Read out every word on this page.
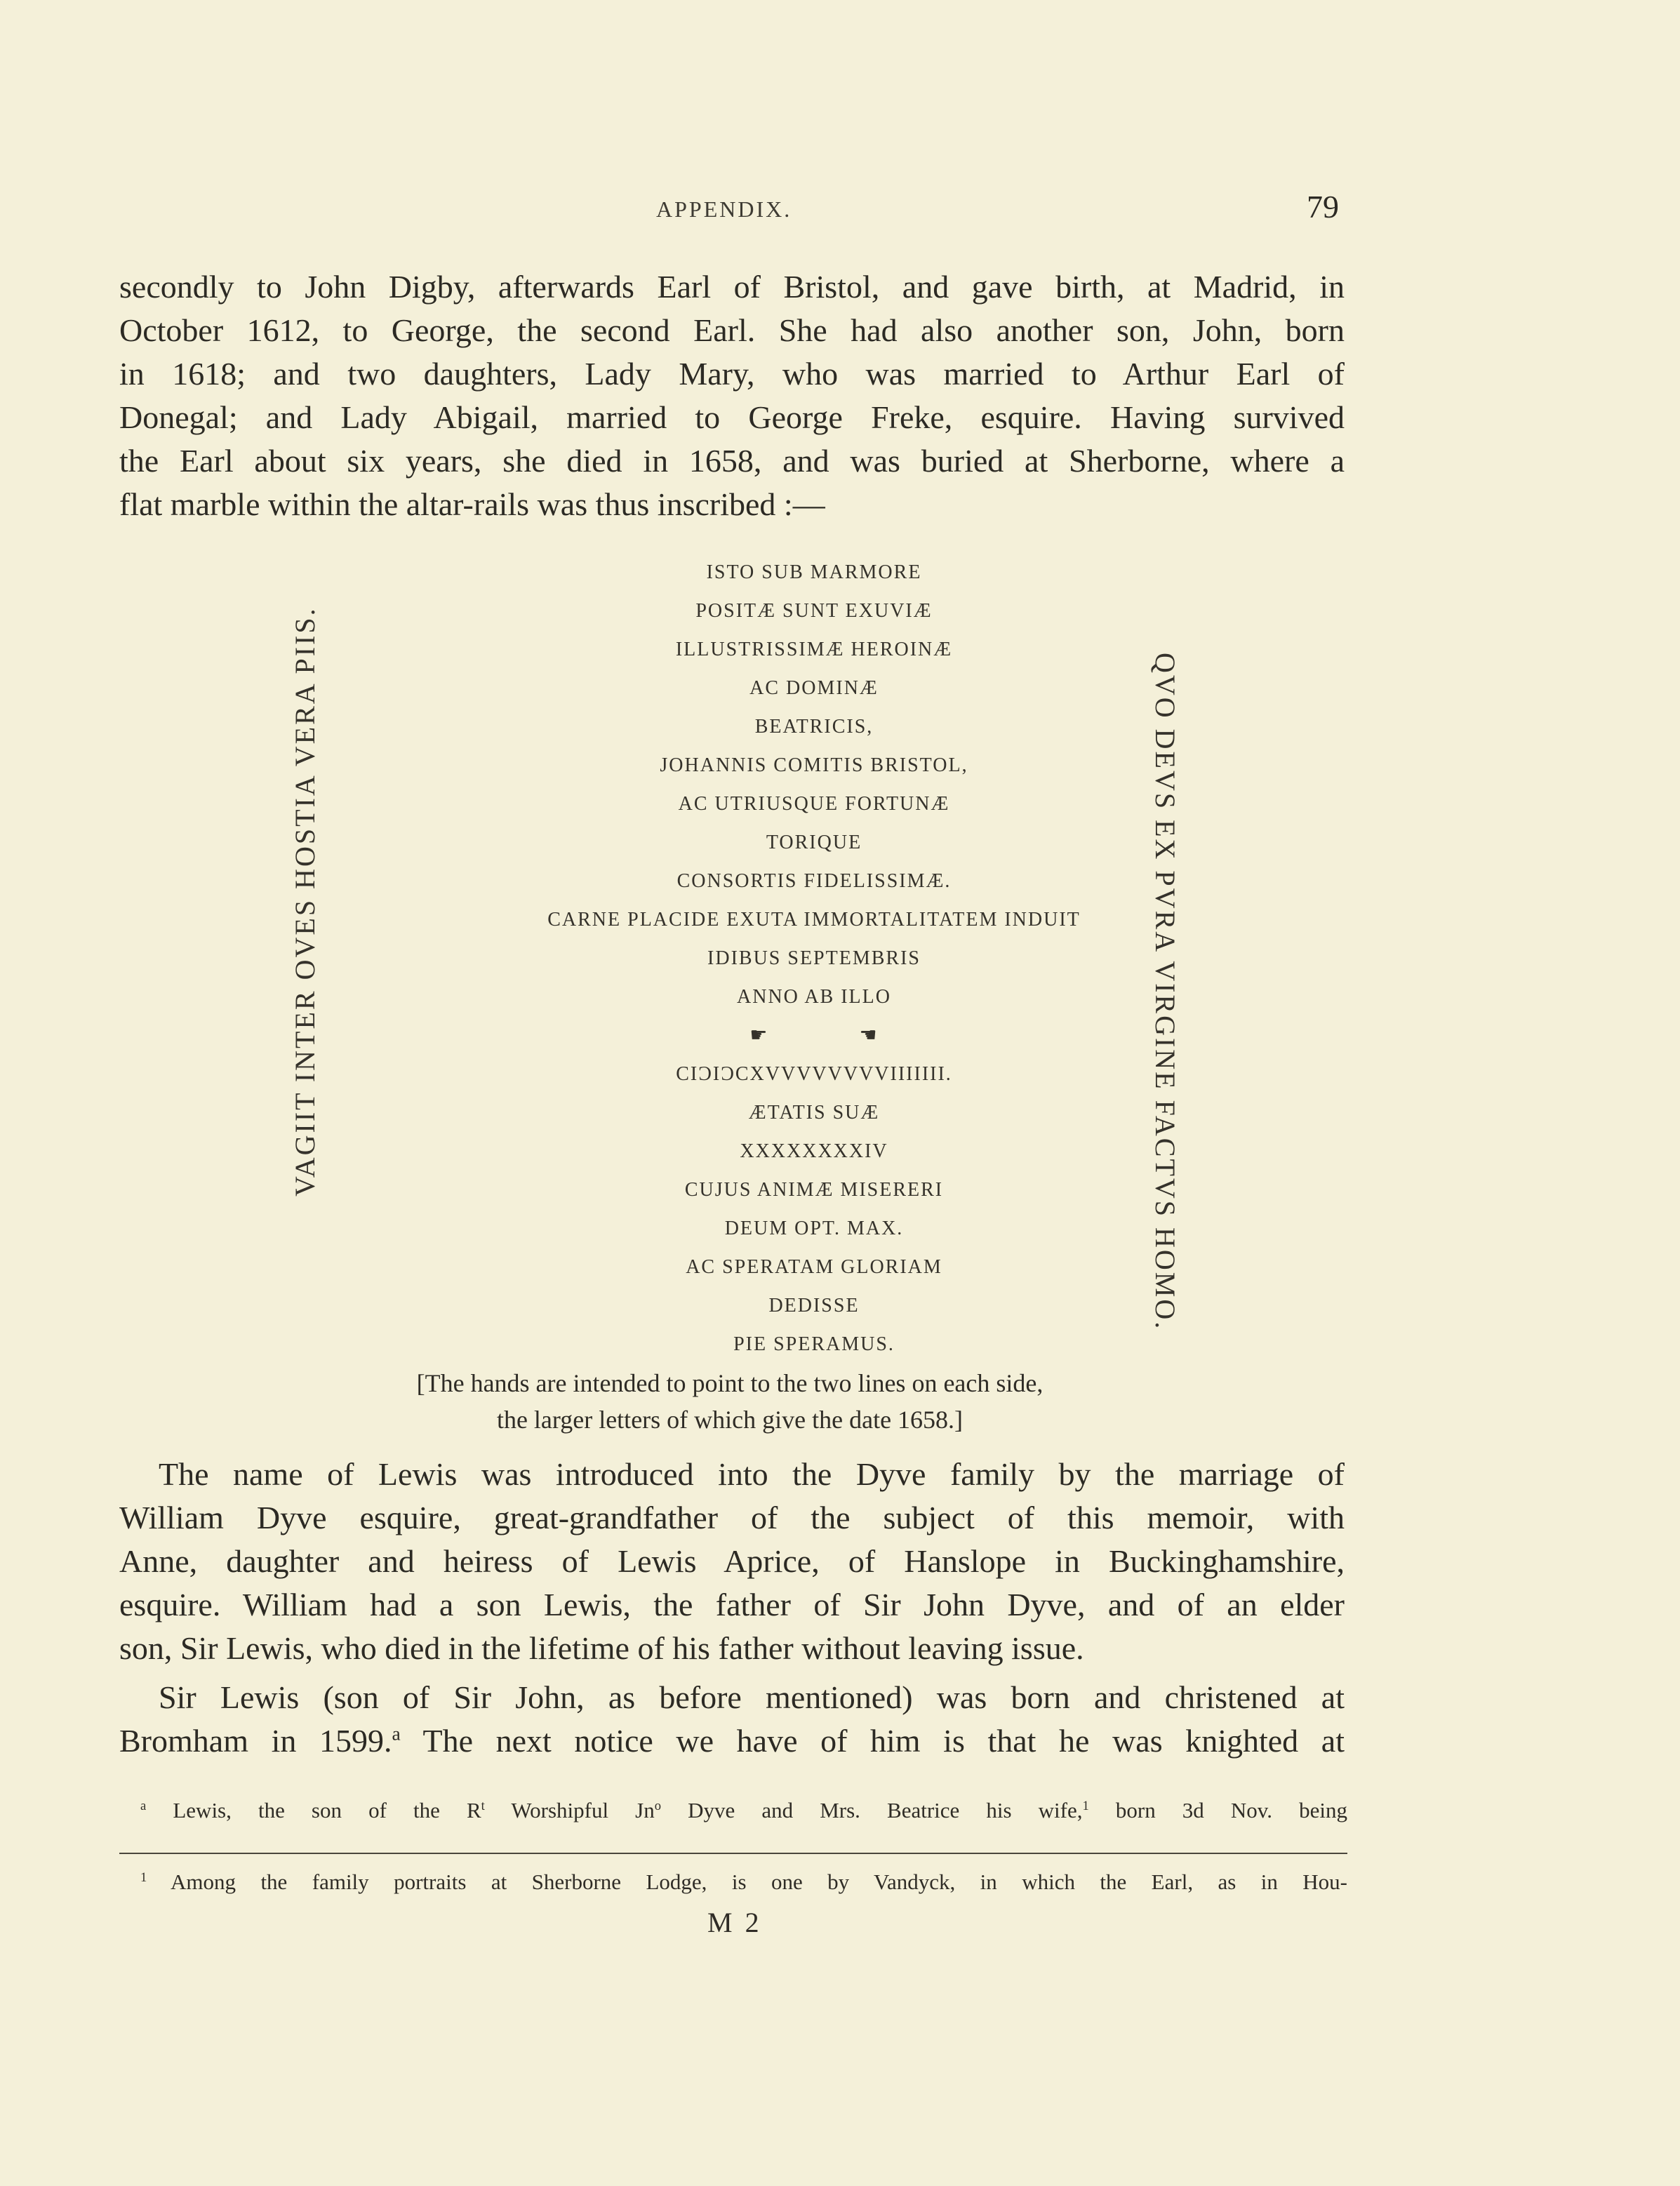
APPENDIX.	79
secondly to John Digby, afterwards Earl of Bristol, and gave birth, at Madrid, in
October 1612, to George, the second Earl. She had also another son, John, born
in 1618; and two daughters, Lady Mary, who was married to Arthur Earl of
Donegal; and Lady Abigail, married to George Freke, esquire. Having survived
the Earl about six years, she died in 1658, and was buried at Sherborne, where a
flat marble within the altar-rails was thus inscribed :—
ISTO SUB MARMORE
POSITÆ SUNT EXUVIÆ
ILLUSTRISSIMÆ HEROINÆ
AC DOMINÆ
BEATRICIS,
JOHANNIS COMITIS BRISTOL,
AC UTRIUSQUE FORTUNÆ
TORIQUE
CONSORTIS FIDELISSIMÆ.
CARNE PLACIDE EXUTA IMMORTALITATEM INDUIT
IDIBUS SEPTEMBRIS
ANNO AB ILLO
☛	☚
CIƆIƆCXVVVVVVVVIIIIIII.
ÆTATIS SUÆ
XXXXXXXXIV
CUJUS ANIMÆ MISERERI
DEUM OPT. MAX.
AC SPERATAM GLORIAM
DEDISSE
PIE SPERAMUS.
VAGIIT INTER OVES HOSTIA VERA PIIS.	QVO DEVS EX PVRA VIRGINE FACTVS HOMO.
[The hands are intended to point to the two lines on each side,
the larger letters of which give the date 1658.]
The name of Lewis was introduced into the Dyve family by the marriage of
William Dyve esquire, great-grandfather of the subject of this memoir, with
Anne, daughter and heiress of Lewis Aprice, of Hanslope in Buckinghamshire,
esquire. William had a son Lewis, the father of Sir John Dyve, and of an elder
son, Sir Lewis, who died in the lifetime of his father without leaving issue.
Sir Lewis (son of Sir John, as before mentioned) was born and christened at
Bromham in 1599.$^a$ The next notice we have of him is that he was knighted at
$^a$ Lewis, the son of the $R^t$ Worshipful Jn$^o$ Dyve and Mrs. Beatrice his wife,$^1$ born 3d Nov. being
$^1$ Among the family portraits at Sherborne Lodge, is one by Vandyck, in which the Earl, as in Hou-
M 2
